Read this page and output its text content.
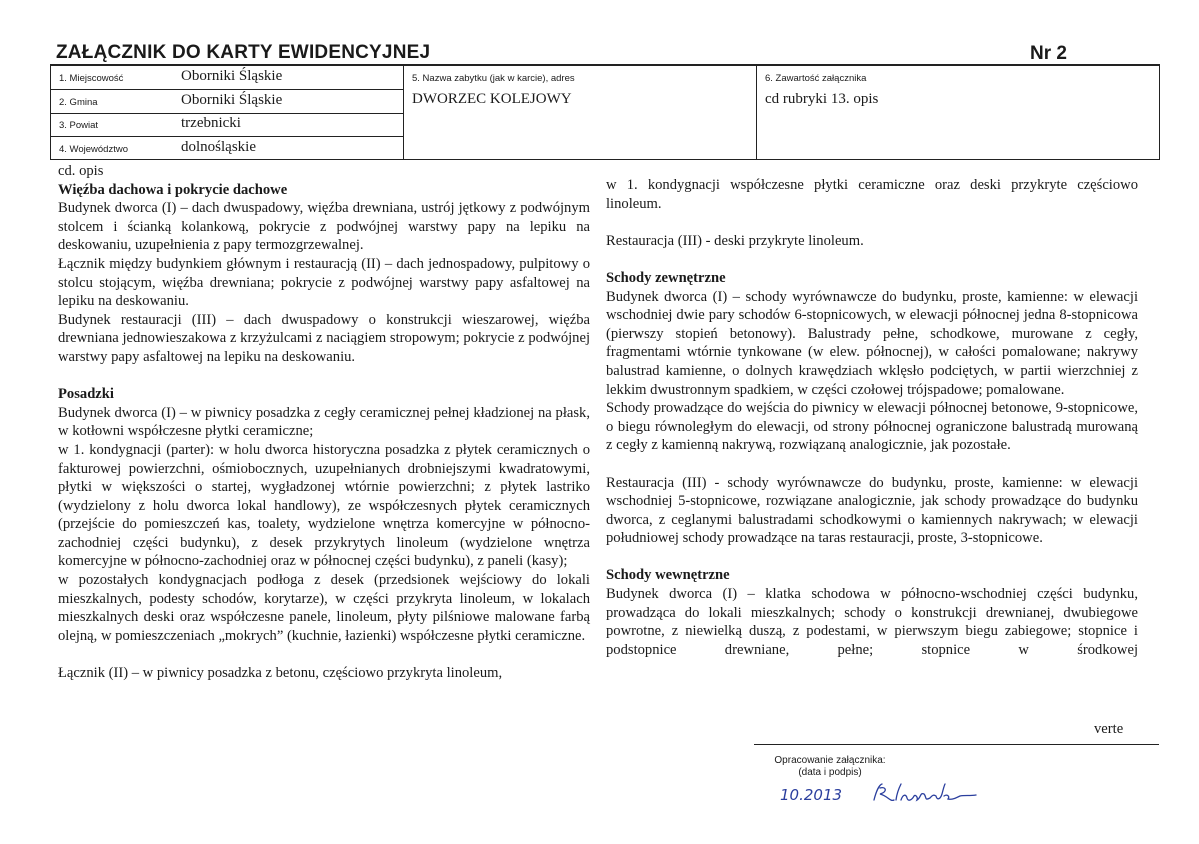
ZAŁĄCZNIK DO KARTY EWIDENCYJNEJ	Nr 2
1. Miejscowość	Oborniki Śląskie
2. Gmina	Oborniki Śląskie
3. Powiat	trzebnicki
4. Województwo	dolnośląskie
5. Nazwa zabytku (jak w karcie), adres
DWORZEC KOLEJOWY
6. Zawartość załącznika
cd rubryki 13. opis

cd. opis

Więźba dachowa i pokrycie dachowe

Budynek dworca (I) – dach dwuspadowy, więźba drewniana, ustrój jętkowy z podwójnym stolcem i ścianką kolankową, pokrycie z podwójnej warstwy papy na lepiku na deskowaniu, uzupełnienia z papy termozgrzewalnej.

Łącznik między budynkiem głównym i restauracją (II) – dach jednospadowy, pulpitowy o stolcu stojącym, więźba drewniana; pokrycie z podwójnej warstwy papy asfaltowej na lepiku na deskowaniu.

Budynek restauracji (III) – dach dwuspadowy o konstrukcji wieszarowej, więźba drewniana jednowieszakowa z krzyżulcami z naciągiem stropowym; pokrycie z podwójnej warstwy papy asfaltowej na lepiku na deskowaniu.

Posadzki

Budynek dworca (I) – w piwnicy posadzka z cegły ceramicznej pełnej kładzionej na płask, w kotłowni współczesne płytki ceramiczne;

w 1. kondygnacji (parter): w holu dworca historyczna posadzka z płytek ceramicznych o fakturowej powierzchni, ośmiobocznych, uzupełnianych drobniejszymi kwadratowymi, płytki w większości o startej, wygładzonej wtórnie powierzchni; z płytek lastriko (wydzielony z holu dworca lokal handlowy), ze współczesnych płytek ceramicznych (przejście do pomieszczeń kas, toalety, wydzielone wnętrza komercyjne w północno-zachodniej części budynku), z desek przykrytych linoleum (wydzielone wnętrza komercyjne w północno-zachodniej oraz w północnej części budynku), z paneli (kasy);

w pozostałych kondygnacjach podłoga z desek (przedsionek wejściowy do lokali mieszkalnych, podesty schodów, korytarze), w części przykryta linoleum, w lokalach mieszkalnych deski oraz współczesne panele, linoleum, płyty pilśniowe malowane farbą olejną, w pomieszczeniach „mokrych” (kuchnie, łazienki) współczesne płytki ceramiczne.

Łącznik (II) – w piwnicy posadzka z betonu, częściowo przykryta linoleum,

w 1. kondygnacji współczesne płytki ceramiczne oraz deski przykryte częściowo linoleum.

Restauracja (III) - deski przykryte linoleum.

Schody zewnętrzne

Budynek dworca (I) – schody wyrównawcze do budynku, proste, kamienne: w elewacji wschodniej dwie pary schodów 6-stopnicowych, w elewacji północnej jedna 8-stopnicowa (pierwszy stopień betonowy). Balustrady pełne, schodkowe, murowane z cegły, fragmentami wtórnie tynkowane (w elew. północnej), w całości pomalowane; nakrywy balustrad kamienne, o dolnych krawędziach wklęsło podciętych, w partii wierzchniej z lekkim dwustronnym spadkiem, w części czołowej trójspadowe; pomalowane.

Schody prowadzące do wejścia do piwnicy w elewacji północnej betonowe, 9-stopnicowe, o biegu równoległym do elewacji, od strony północnej ograniczone balustradą murowaną z cegły z kamienną nakrywą, rozwiązaną analogicznie, jak pozostałe.

Restauracja (III) - schody wyrównawcze do budynku, proste, kamienne: w elewacji wschodniej 5-stopnicowe, rozwiązane analogicznie, jak schody prowadzące do budynku dworca, z ceglanymi balustradami schodkowymi o kamiennych nakrywach; w elewacji południowej schody prowadzące na taras restauracji, proste, 3-stopnicowe.

Schody wewnętrzne

Budynek dworca (I) – klatka schodowa w północno-wschodniej części budynku, prowadząca do lokali mieszkalnych; schody o konstrukcji drewnianej, dwubiegowe powrotne, z niewielką duszą, z podestami, w pierwszym biegu zabiegowe; stopnice i podstopnice drewniane, pełne; stopnice w środkowej

verte
Opracowanie załącznika:
(data i podpis)
10.2013
